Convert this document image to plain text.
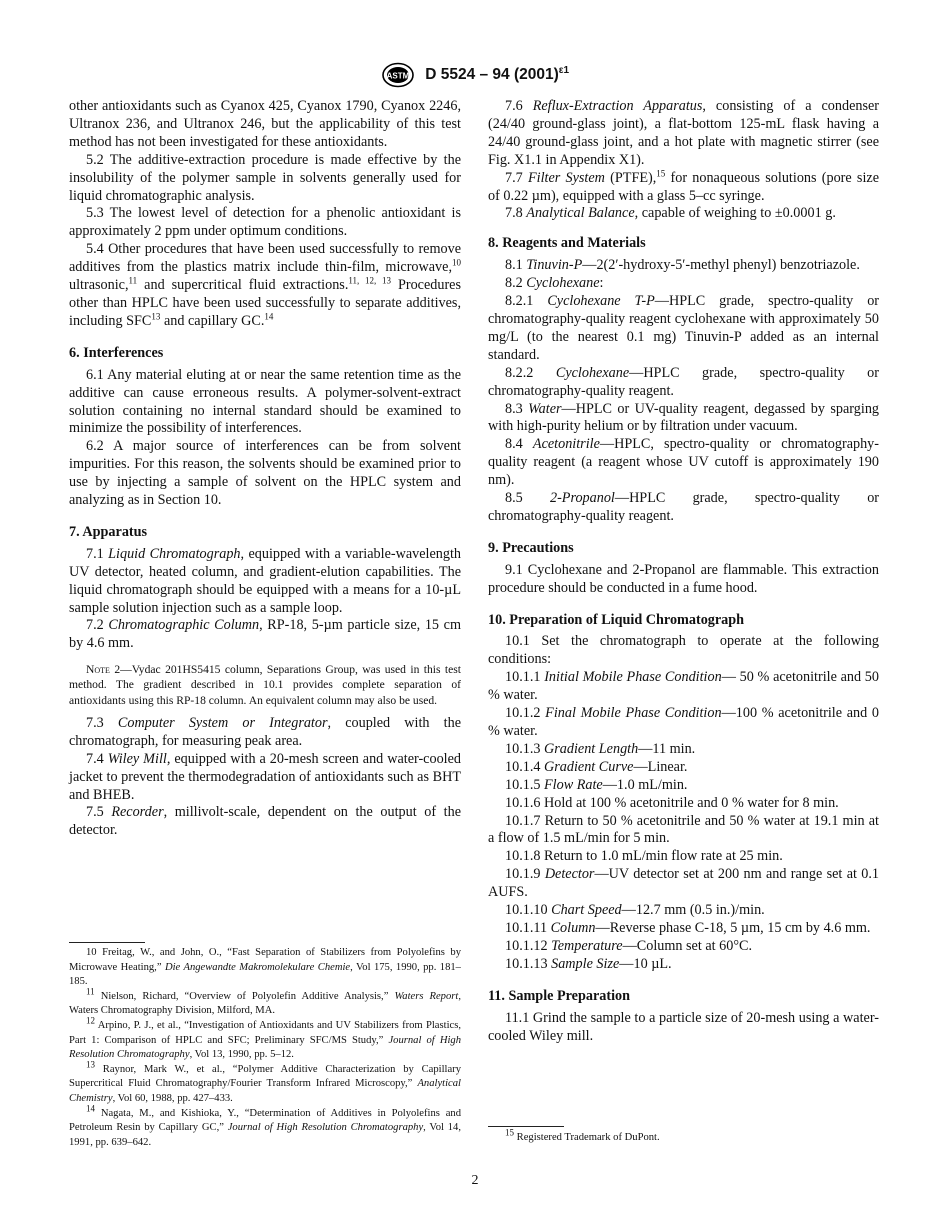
ASTM D 5524 – 94 $(2001)^{\varepsilon 1}$

other antioxidants such as Cyanox 425, Cyanox 1790, Cyanox 2246, Ultranox 236, and Ultranox 246, but the applicability of this test method has not been investigated for these antioxidants.

5.2 The additive-extraction procedure is made effective by the insolubility of the polymer sample in solvents generally used for liquid chromatographic analysis.

5.3 The lowest level of detection for a phenolic antioxidant is approximately 2 ppm under optimum conditions.

5.4 Other procedures that have been used successfully to remove additives from the plastics matrix include thin-film, microwave,$^{10}$ ultrasonic,$^{11}$ and supercritical fluid extractions.$^{11, 12, 13}$ Procedures other than HPLC have been used successfully to separate additives, including SFC$^{13}$ and capillary GC.$^{14}$

6. Interferences

6.1 Any material eluting at or near the same retention time as the additive can cause erroneous results. A polymer-solvent-extract solution containing no internal standard should be examined to minimize the possibility of interferences.

6.2 A major source of interferences can be from solvent impurities. For this reason, the solvents should be examined prior to use by injecting a sample of solvent on the HPLC system and analyzing as in Section 10.

7. Apparatus

7.1 Liquid Chromatograph, equipped with a variable-wavelength UV detector, heated column, and gradient-elution capabilities. The liquid chromatograph should be equipped with a means for a 10-µL sample solution injection such as a sample loop.

7.2 Chromatographic Column, RP-18, 5-µm particle size, 15 cm by 4.6 mm.

Note 2—Vydac 201HS5415 column, Separations Group, was used in this test method. The gradient described in 10.1 provides complete separation of antioxidants using this RP-18 column. An equivalent column may also be used.

7.3 Computer System or Integrator, coupled with the chromatograph, for measuring peak area.

7.4 Wiley Mill, equipped with a 20-mesh screen and water-cooled jacket to prevent the thermodegradation of antioxidants such as BHT and BHEB.

7.5 Recorder, millivolt-scale, dependent on the output of the detector.

10 Freitag, W., and John, O., “Fast Separation of Stabilizers from Polyolefins by Microwave Heating,” Die Angewandte Makromolekulare Chemie, Vol 175, 1990, pp. 181–185.

$^{11}$ Nielson, Richard, “Overview of Polyolefin Additive Analysis,” Waters Report, Waters Chromatography Division, Milford, MA.

$^{12}$ Arpino, P. J., et al., “Investigation of Antioxidants and UV Stabilizers from Plastics, Part 1: Comparison of HPLC and SFC; Preliminary SFC/MS Study,” Journal of High Resolution Chromatography, Vol 13, 1990, pp. 5–12.

$^{13}$ Raynor, Mark W., et al., “Polymer Additive Characterization by Capillary Supercritical Fluid Chromatography/Fourier Transform Infrared Microscopy,” Analytical Chemistry, Vol 60, 1988, pp. 427–433.

$^{14}$ Nagata, M., and Kishioka, Y., “Determination of Additives in Polyolefins and Petroleum Resin by Capillary GC,” Journal of High Resolution Chromatography, Vol 14, 1991, pp. 639–642.

7.6 Reflux-Extraction Apparatus, consisting of a condenser (24/40 ground-glass joint), a flat-bottom 125-mL flask having a 24/40 ground-glass joint, and a hot plate with magnetic stirrer (see Fig. X1.1 in Appendix X1).

7.7 Filter System (PTFE),$^{15}$ for nonaqueous solutions (pore size of 0.22 µm), equipped with a glass 5–cc syringe.

7.8 Analytical Balance, capable of weighing to ±0.0001 g.

8. Reagents and Materials

8.1 Tinuvin-P—2(2′-hydroxy-5′-methyl phenyl) benzotriazole.

8.2 Cyclohexane:

8.2.1 Cyclohexane T-P—HPLC grade, spectro-quality or chromatography-quality reagent cyclohexane with approximately 50 mg/L (to the nearest 0.1 mg) Tinuvin-P added as an internal standard.

8.2.2 Cyclohexane—HPLC grade, spectro-quality or chromatography-quality reagent.

8.3 Water—HPLC or UV-quality reagent, degassed by sparging with high-purity helium or by filtration under vacuum.

8.4 Acetonitrile—HPLC, spectro-quality or chromatography-quality reagent (a reagent whose UV cutoff is approximately 190 nm).

8.5 2-Propanol—HPLC grade, spectro-quality or chromatography-quality reagent.

9. Precautions

9.1 Cyclohexane and 2-Propanol are flammable. This extraction procedure should be conducted in a fume hood.

10. Preparation of Liquid Chromatograph

10.1 Set the chromatograph to operate at the following conditions:

10.1.1 Initial Mobile Phase Condition— 50 % acetonitrile and 50 % water.

10.1.2 Final Mobile Phase Condition—100 % acetonitrile and 0 % water.

10.1.3 Gradient Length—11 min.

10.1.4 Gradient Curve—Linear.

10.1.5 Flow Rate—1.0 mL/min.

10.1.6 Hold at 100 % acetonitrile and 0 % water for 8 min.

10.1.7 Return to 50 % acetonitrile and 50 % water at 19.1 min at a flow of 1.5 mL/min for 5 min.

10.1.8 Return to 1.0 mL/min flow rate at 25 min.

10.1.9 Detector—UV detector set at 200 nm and range set at 0.1 AUFS.

10.1.10 Chart Speed—12.7 mm (0.5 in.)/min.

10.1.11 Column—Reverse phase C-18, 5 µm, 15 cm by 4.6 mm.

10.1.12 Temperature—Column set at 60°C.

10.1.13 Sample Size—10 µL.

11. Sample Preparation

11.1 Grind the sample to a particle size of 20-mesh using a water-cooled Wiley mill.

$^{15}$ Registered Trademark of DuPont.

2
